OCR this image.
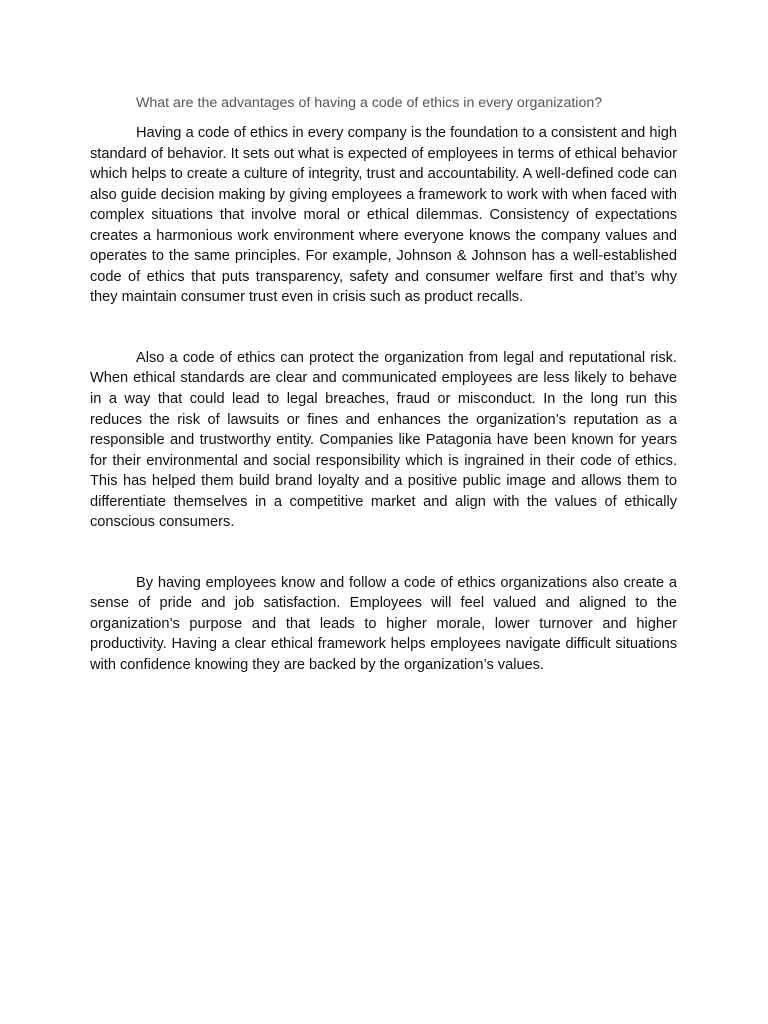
What are the advantages of having a code of ethics in every organization?

Having a code of ethics in every company is the foundation to a consistent and high standard of behavior. It sets out what is expected of employees in terms of ethical behavior which helps to create a culture of integrity, trust and accountability. A well-defined code can also guide decision making by giving employees a framework to work with when faced with complex situations that involve moral or ethical dilemmas. Consistency of expectations creates a harmonious work environment where everyone knows the company values and operates to the same principles. For example, Johnson & Johnson has a well-established code of ethics that puts transparency, safety and consumer welfare first and that’s why they maintain consumer trust even in crisis such as product recalls.

Also a code of ethics can protect the organization from legal and reputational risk. When ethical standards are clear and communicated employees are less likely to behave in a way that could lead to legal breaches, fraud or misconduct. In the long run this reduces the risk of lawsuits or fines and enhances the organization’s reputation as a responsible and trustworthy entity. Companies like Patagonia have been known for years for their environmental and social responsibility which is ingrained in their code of ethics. This has helped them build brand loyalty and a positive public image and allows them to differentiate themselves in a competitive market and align with the values of ethically conscious consumers.

By having employees know and follow a code of ethics organizations also create a sense of pride and job satisfaction. Employees will feel valued and aligned to the organization’s purpose and that leads to higher morale, lower turnover and higher productivity. Having a clear ethical framework helps employees navigate difficult situations with confidence knowing they are backed by the organization’s values.
